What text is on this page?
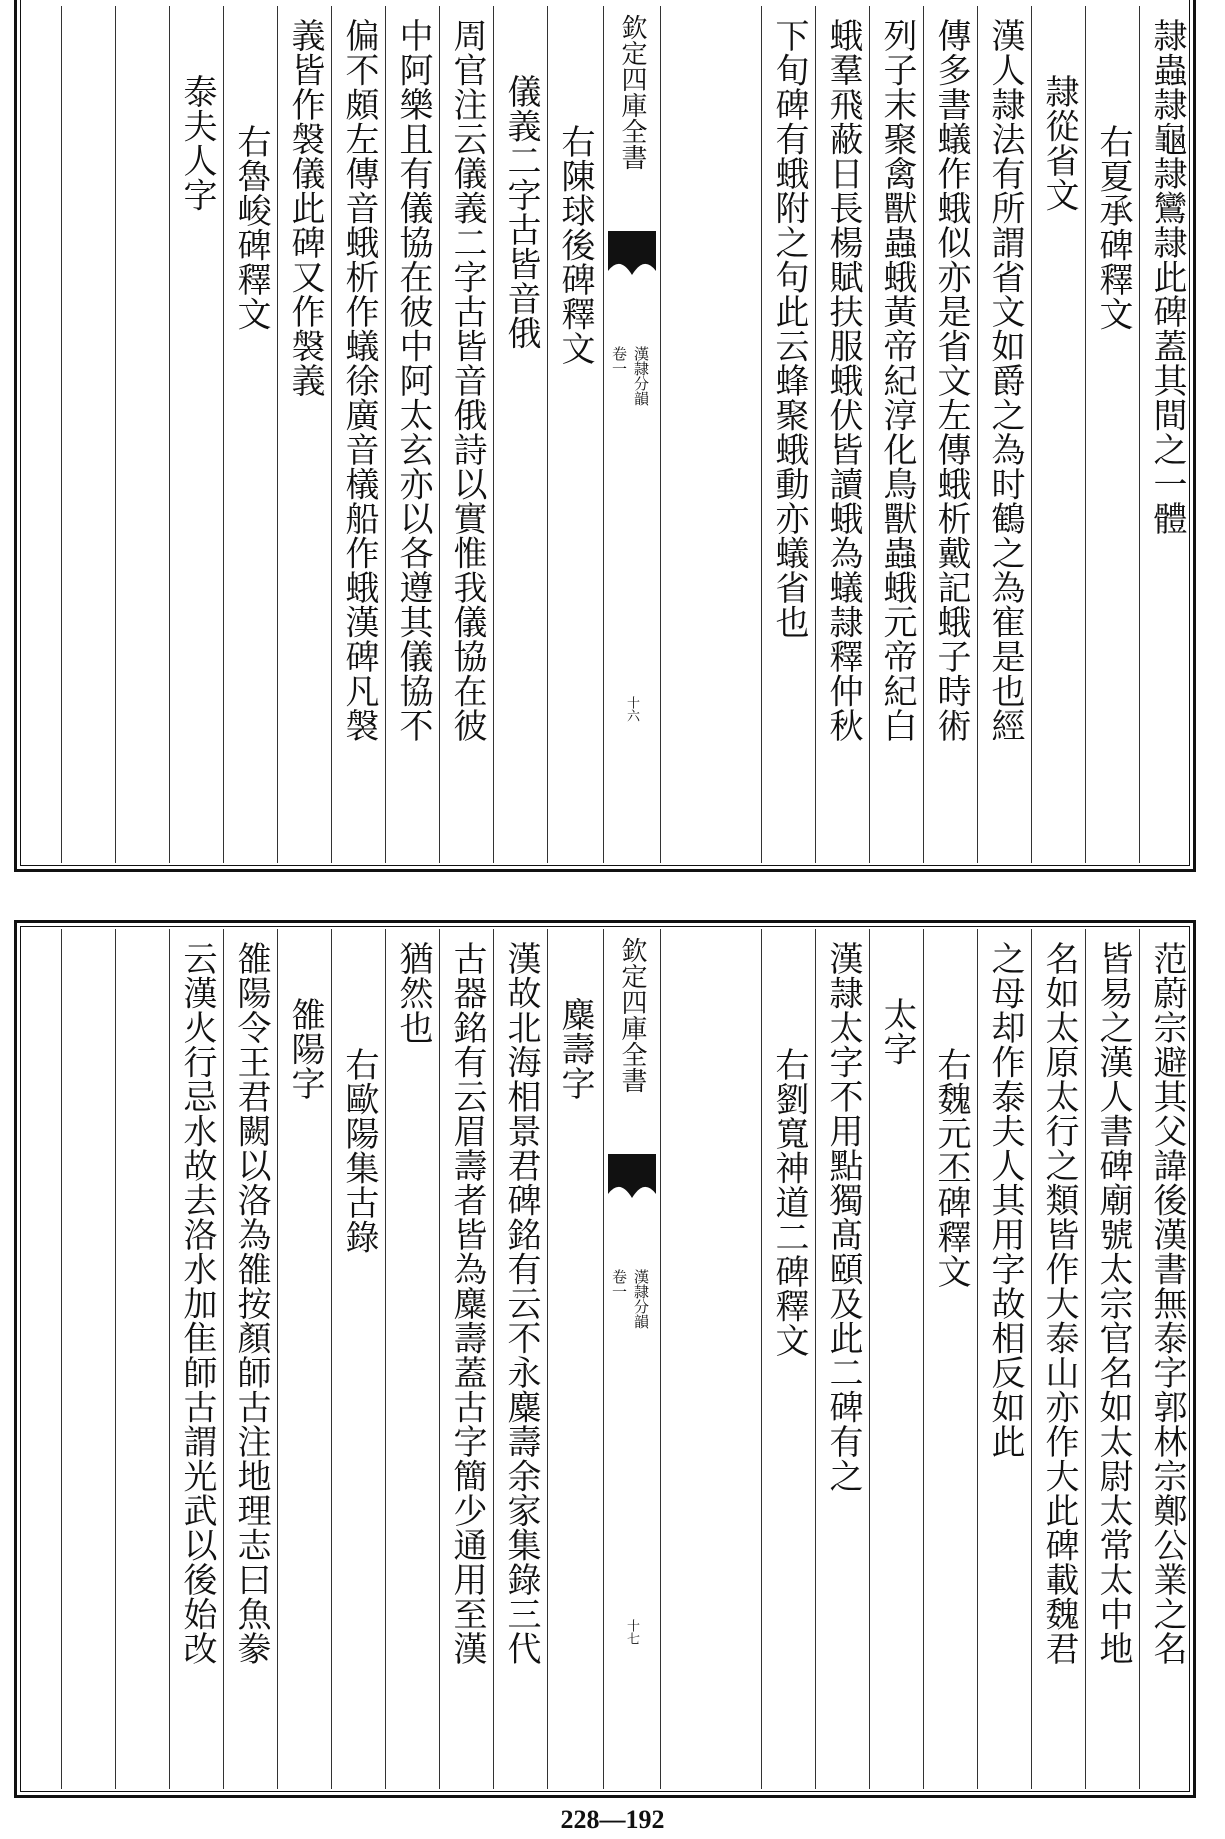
隷蟲隷龜隷鸞隷此碑蓋其間之一體
右夏承碑釋文
隷從省文
漢人隷法有所謂省文如爵之為时鶴之為寉是也經
傳多書蟻作蛾似亦是省文左傳蛾析戴記蛾子時術
列子末聚禽獸蟲蛾黃帝紀淳化鳥獸蟲蛾元帝紀白
蛾羣飛蔽日長楊賦扶服蛾伏皆讀蛾為蟻隷釋仲秋
下旬碑有蛾附之句此云蜂聚蛾動亦蟻省也
欽定四庫全書
漢隷分韻
卷一
十六
右陳球後碑釋文
儀義二字古皆音俄
周官注云儀義二字古皆音俄詩以實惟我儀協在彼
中阿樂且有儀協在彼中阿太玄亦以各遵其儀協不
偏不頗左傳音蛾析作蟻徐廣音檥船作蛾漢碑凡褩
義皆作褩儀此碑又作褩義
右魯峻碑釋文
泰夫人字
范蔚宗避其父諱後漢書無泰字郭林宗鄭公業之名
皆易之漢人書碑廟號太宗官名如太尉太常太中地
名如太原太行之類皆作大泰山亦作大此碑載魏君
之母却作泰夫人其用字故相反如此
右魏元丕碑釋文
太字
漢隷太字不用點獨髙頤及此二碑有之
右劉寬神道二碑釋文
欽定四庫全書
漢隷分韻
卷一
十七
麋壽字
漢故北海相景君碑銘有云不永麋壽余家集錄三代
古器銘有云眉壽者皆為麋壽蓋古字簡少通用至漢
猶然也
右歐陽集古錄
雒陽字
雒陽令王君闕以洛為雒按顏師古注地理志曰魚豢
云漢火行忌水故去洛水加隹師古謂光武以後始改
228—192
